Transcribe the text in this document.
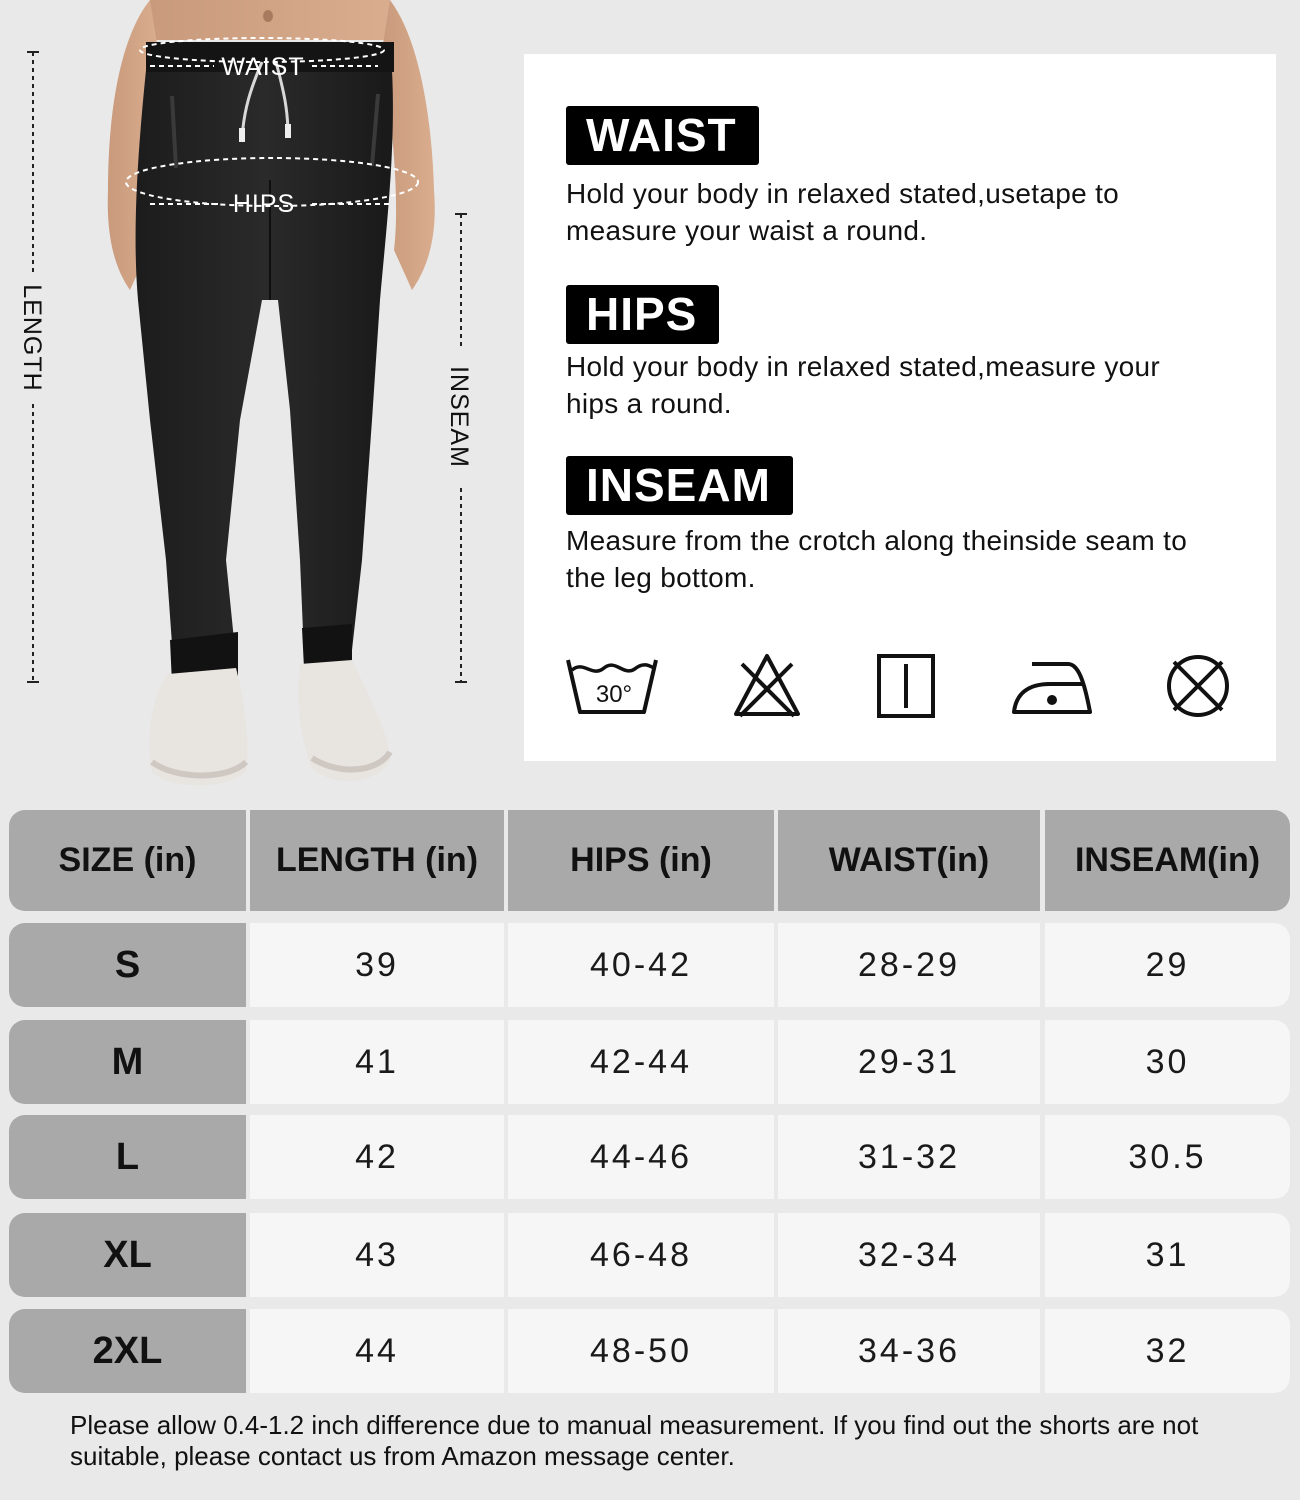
WAIST
HIPS
LENGTH
INSEAM
WAIST
Hold your body in relaxed stated,usetape to measure your waist a round.
HIPS
Hold your body in relaxed stated,measure your hips a round.
INSEAM
Measure from the crotch along theinside seam to the leg bottom.
30°
SIZE (in)	LENGTH (in)	HIPS (in)	WAIST(in)	INSEAM(in)
S	39	40-42	28-29	29
M	41	42-44	29-31	30
L	42	44-46	31-32	30.5
XL	43	46-48	32-34	31
2XL	44	48-50	34-36	32
Please allow 0.4-1.2 inch difference due to manual measurement. If you find out the shorts are not suitable, please contact us from Amazon message center.
